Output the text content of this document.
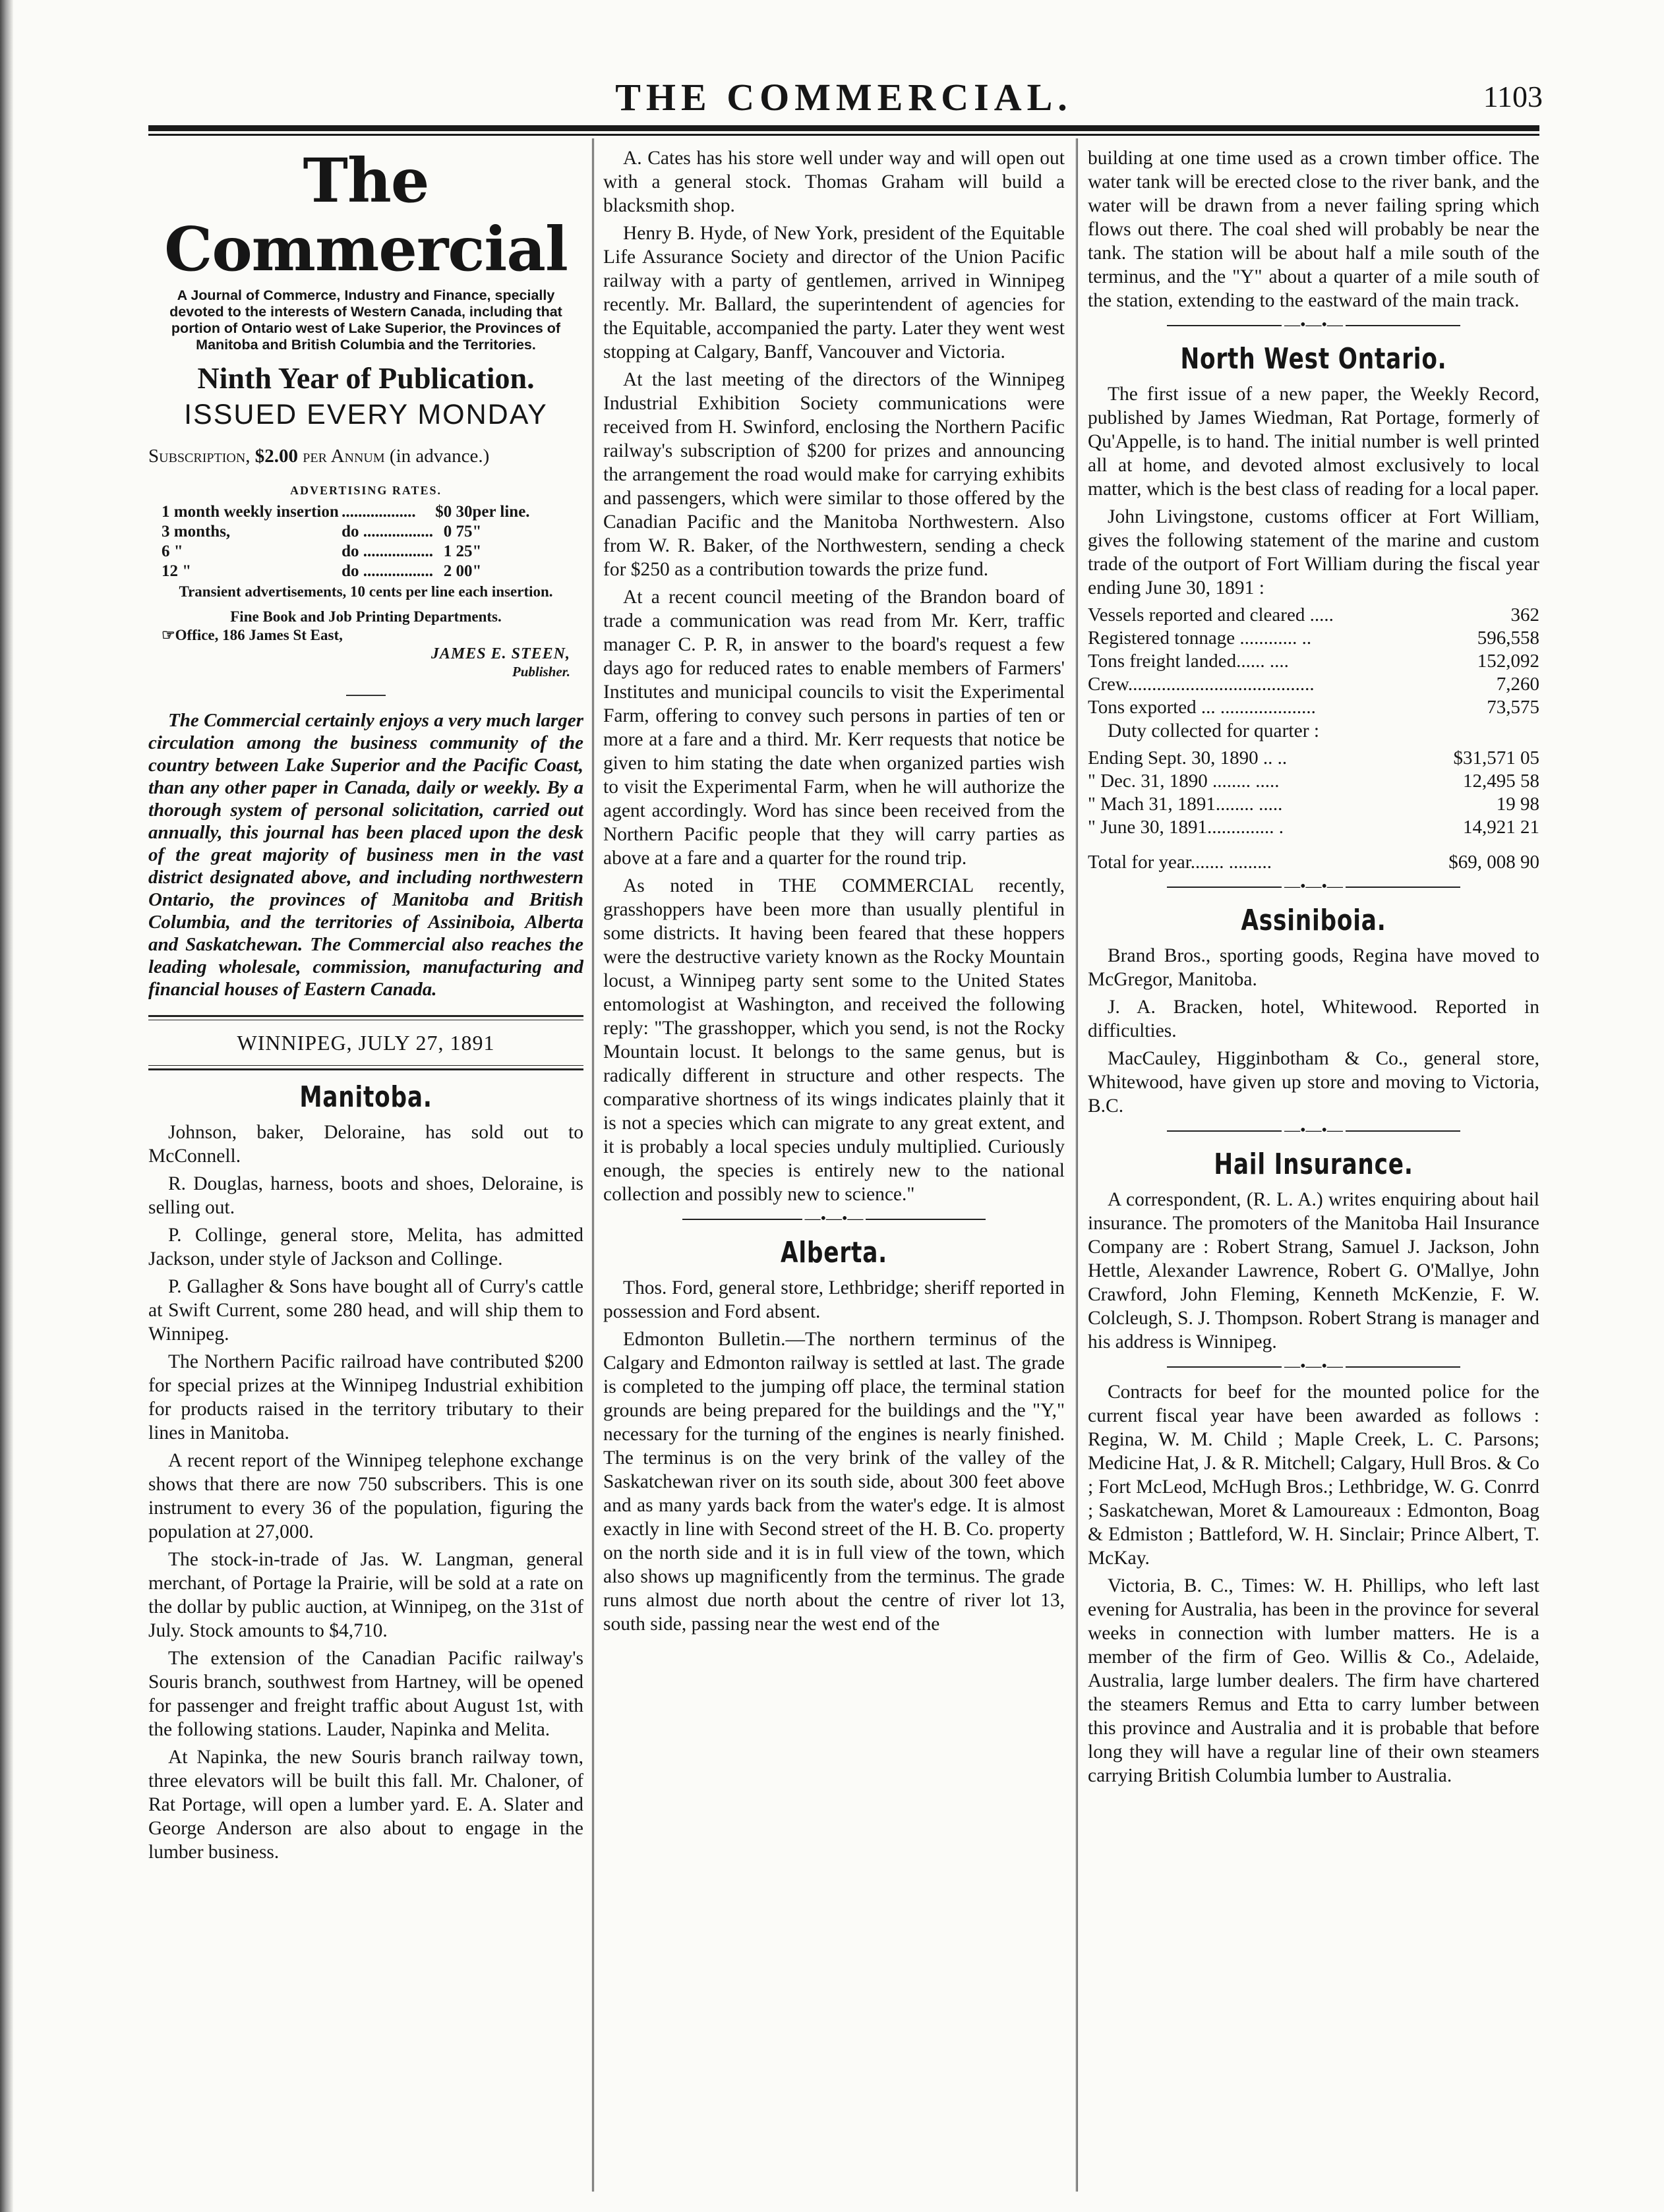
THE COMMERCIAL.	1103
The Commercial
A Journal of Commerce, Industry and Finance, specially devoted to the interests of Western Canada, including that portion of Ontario west of Lake Superior, the Provinces of Manitoba and British Columbia and the Territories.
Ninth Year of Publication.
ISSUED EVERY MONDAY

Subscription, $2.00 per Annum (in advance.)

ADVERTISING RATES.
1 month weekly insertion	..................	$0 30	per line.
3 months,	do .................	0 75	"
6 "	do .................	1 25	"
12 "	do .................	2 00	"
Transient advertisements, 10 cents per line each insertion.
Fine Book and Job Printing Departments.
☞Office, 186 James St East,
JAMES E. STEEN,
Publisher.

The Commercial certainly enjoys a very much larger circulation among the business community of the country between Lake Superior and the Pacific Coast, than any other paper in Canada, daily or weekly. By a thorough system of personal solicitation, carried out annually, this journal has been placed upon the desk of the great majority of business men in the vast district designated above, and including northwestern Ontario, the provinces of Manitoba and British Columbia, and the territories of Assiniboia, Alberta and Saskatchewan. The Commercial also reaches the leading wholesale, commission, manufacturing and financial houses of Eastern Canada.

WINNIPEG, JULY 27, 1891
Manitoba.

Johnson, baker, Deloraine, has sold out to McConnell.

R. Douglas, harness, boots and shoes, Deloraine, is selling out.

P. Collinge, general store, Melita, has admitted Jackson, under style of Jackson and Collinge.

P. Gallagher & Sons have bought all of Curry's cattle at Swift Current, some 280 head, and will ship them to Winnipeg.

The Northern Pacific railroad have contributed $200 for special prizes at the Winnipeg Industrial exhibition for products raised in the territory tributary to their lines in Manitoba.

A recent report of the Winnipeg telephone exchange shows that there are now 750 subscribers. This is one instrument to every 36 of the population, figuring the population at 27,000.

The stock-in-trade of Jas. W. Langman, general merchant, of Portage la Prairie, will be sold at a rate on the dollar by public auction, at Winnipeg, on the 31st of July. Stock amounts to $4,710.

The extension of the Canadian Pacific railway's Souris branch, southwest from Hartney, will be opened for passenger and freight traffic about August 1st, with the following stations. Lauder, Napinka and Melita.

At Napinka, the new Souris branch railway town, three elevators will be built this fall. Mr. Chaloner, of Rat Portage, will open a lumber yard. E. A. Slater and George Anderson are also about to engage in the lumber business.

A. Cates has his store well under way and will open out with a general stock. Thomas Graham will build a blacksmith shop.

Henry B. Hyde, of New York, president of the Equitable Life Assurance Society and director of the Union Pacific railway with a party of gentlemen, arrived in Winnipeg recently. Mr. Ballard, the superintendent of agencies for the Equitable, accompanied the party. Later they went west stopping at Calgary, Banff, Vancouver and Victoria.

At the last meeting of the directors of the Winnipeg Industrial Exhibition Society communications were received from H. Swinford, enclosing the Northern Pacific railway's subscription of $200 for prizes and announcing the arrangement the road would make for carrying exhibits and passengers, which were similar to those offered by the Canadian Pacific and the Manitoba Northwestern. Also from W. R. Baker, of the Northwestern, sending a check for $250 as a contribution towards the prize fund.

At a recent council meeting of the Brandon board of trade a communication was read from Mr. Kerr, traffic manager C. P. R, in answer to the board's request a few days ago for reduced rates to enable members of Farmers' Institutes and municipal councils to visit the Experimental Farm, offering to convey such persons in parties of ten or more at a fare and a third. Mr. Kerr requests that notice be given to him stating the date when organized parties wish to visit the Experimental Farm, when he will authorize the agent accordingly. Word has since been received from the Northern Pacific people that they will carry parties as above at a fare and a quarter for the round trip.

As noted in THE COMMERCIAL recently, grasshoppers have been more than usually plentiful in some districts. It having been feared that these hoppers were the destructive variety known as the Rocky Mountain locust, a Winnipeg party sent some to the United States entomologist at Washington, and received the following reply: "The grasshopper, which you send, is not the Rocky Mountain locust. It belongs to the same genus, but is radically different in structure and other respects. The comparative shortness of its wings indicates plainly that it is not a species which can migrate to any great extent, and it is probably a local species unduly multiplied. Curiously enough, the species is entirely new to the national collection and possibly new to science."

—•—•—
Alberta.

Thos. Ford, general store, Lethbridge; sheriff reported in possession and Ford absent.

Edmonton Bulletin.—The northern terminus of the Calgary and Edmonton railway is settled at last. The grade is completed to the jumping off place, the terminal station grounds are being prepared for the buildings and the "Y," necessary for the turning of the engines is nearly finished. The terminus is on the very brink of the valley of the Saskatchewan river on its south side, about 300 feet above and as many yards back from the water's edge. It is almost exactly in line with Second street of the H. B. Co. property on the north side and it is in full view of the town, which also shows up magnificently from the terminus. The grade runs almost due north about the centre of river lot 13, south side, passing near the west end of the

building at one time used as a crown timber office. The water tank will be erected close to the river bank, and the water will be drawn from a never failing spring which flows out there. The coal shed will probably be near the tank. The station will be about half a mile south of the terminus, and the "Y" about a quarter of a mile south of the station, extending to the eastward of the main track.

—•—•—
North West Ontario.

The first issue of a new paper, the Weekly Record, published by James Wiedman, Rat Portage, formerly of Qu'Appelle, is to hand. The initial number is well printed all at home, and devoted almost exclusively to local matter, which is the best class of reading for a local paper.

John Livingstone, customs officer at Fort William, gives the following statement of the marine and custom trade of the outport of Fort William during the fiscal year ending June 30, 1891 :

Vessels reported and cleared .....	362
Registered tonnage ............ ..	596,558
Tons freight landed...... ....	152,092
Crew.......................................	7,260
Tons exported ... ....................	73,575

Duty collected for quarter :

Ending Sept. 30, 1890 .. ..	$31,571 05
" Dec. 31, 1890 ........ .....	12,495 58
" Mach 31, 1891........ .....	19 98
" June 30, 1891.............. .	14,921 21
Total for year....... .........	$69, 008 90
—•—•—
Assiniboia.

Brand Bros., sporting goods, Regina have moved to McGregor, Manitoba.

J. A. Bracken, hotel, Whitewood. Reported in difficulties.

MacCauley, Higginbotham & Co., general store, Whitewood, have given up store and moving to Victoria, B.C.

—•—•—
Hail Insurance.

A correspondent, (R. L. A.) writes enquiring about hail insurance. The promoters of the Manitoba Hail Insurance Company are : Robert Strang, Samuel J. Jackson, John Hettle, Alexander Lawrence, Robert G. O'Mallye, John Crawford, John Fleming, Kenneth McKenzie, F. W. Colcleugh, S. J. Thompson. Robert Strang is manager and his address is Winnipeg.

—•—•—

Contracts for beef for the mounted police for the current fiscal year have been awarded as follows : Regina, W. M. Child ; Maple Creek, L. C. Parsons; Medicine Hat, J. & R. Mitchell; Calgary, Hull Bros. & Co ; Fort McLeod, McHugh Bros.; Lethbridge, W. G. Conrrd ; Saskatchewan, Moret & Lamoureaux : Edmonton, Boag & Edmiston ; Battleford, W. H. Sinclair; Prince Albert, T. McKay.

Victoria, B. C., Times: W. H. Phillips, who left last evening for Australia, has been in the province for several weeks in connection with lumber matters. He is a member of the firm of Geo. Willis & Co., Adelaide, Australia, large lumber dealers. The firm have chartered the steamers Remus and Etta to carry lumber between this province and Australia and it is probable that before long they will have a regular line of their own steamers carrying British Columbia lumber to Australia.
